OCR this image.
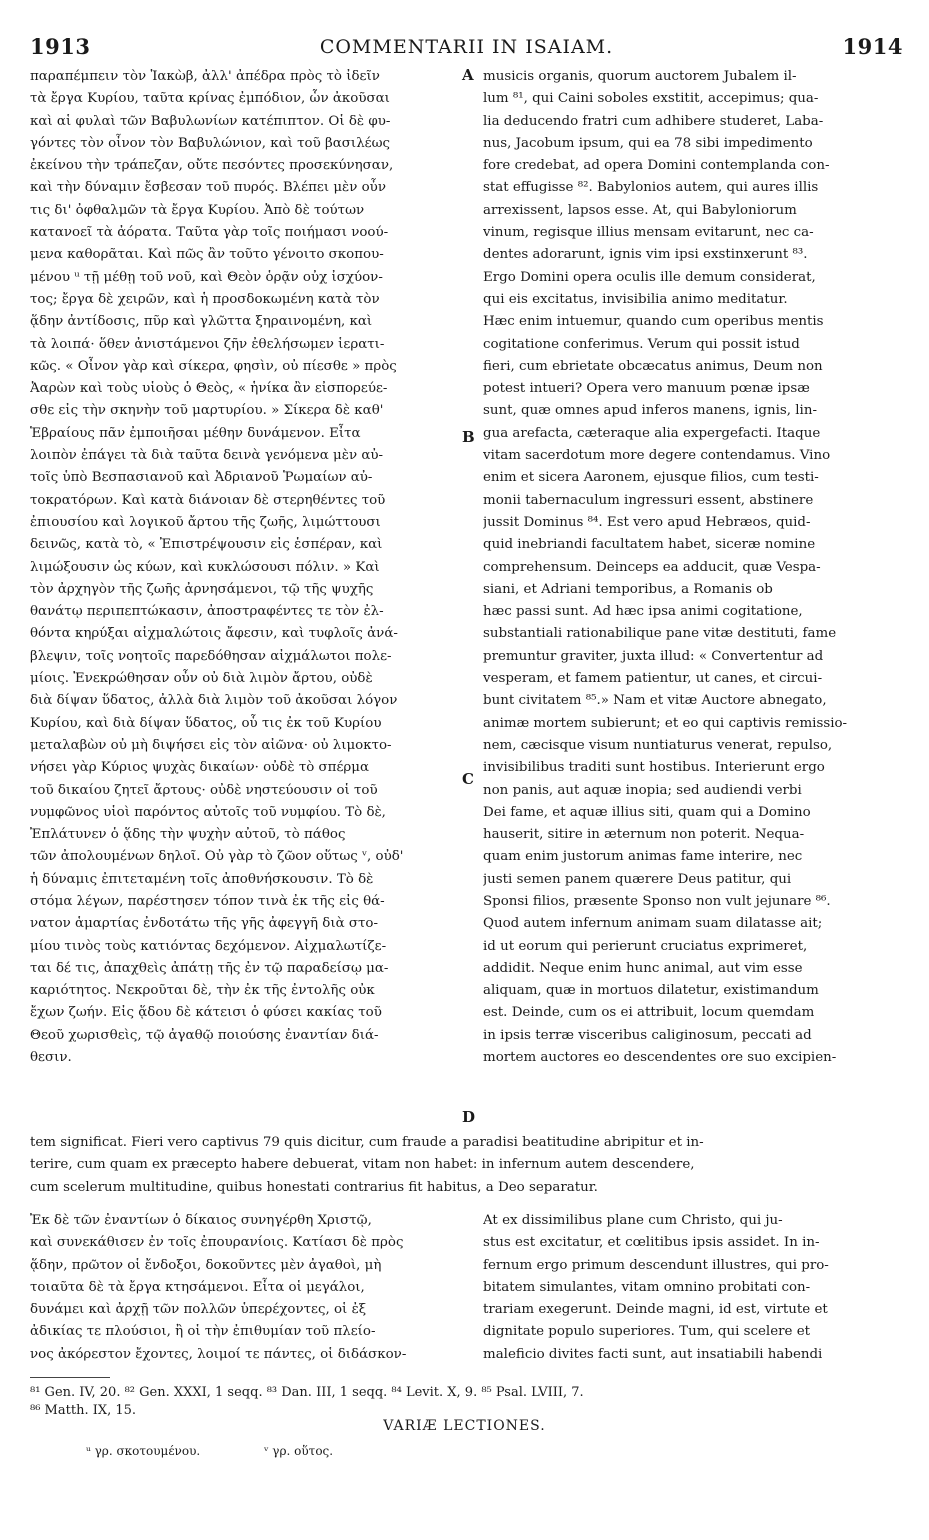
1913	COMMENTARII IN ISAIAM.	1914
παραπέμπειν τὸν Ἰακὼβ, ἀλλ' ἀπέδρα πρὸς τὸ ἰδεῖν
τὰ ἔργα Κυρίου, ταῦτα κρίνας ἐμπόδιον, ὧν ἀκοῦσαι
καὶ αἱ φυλαὶ τῶν Βαβυλωνίων κατέπιπτον. Οἱ δὲ φυ-
γόντες τὸν οἶνον τὸν Βαβυλώνιον, καὶ τοῦ βασιλέως
ἐκείνου τὴν τράπεζαν, οὔτε πεσόντες προσεκύνησαν,
καὶ τὴν δύναμιν ἔσβεσαν τοῦ πυρός. Βλέπει μὲν οὖν
τις δι' ὀφθαλμῶν τὰ ἔργα Κυρίου. Ἀπὸ δὲ τούτων
κατανοεῖ τὰ ἀόρατα. Ταῦτα γὰρ τοῖς ποιήμασι νοού-
μενα καθορᾶται. Καὶ πῶς ἂν τοῦτο γένοιτο σκοπου-
μένου ᵘ τῇ μέθῃ τοῦ νοῦ, καὶ Θεὸν ὁρᾷν οὐχ ἰσχύον-
τος; ἔργα δὲ χειρῶν, καὶ ἡ προσδοκωμένη κατὰ τὸν
ᾅδην ἀντίδοσις, πῦρ καὶ γλῶττα ξηραινομένη, καὶ
τὰ λοιπά· ὅθεν ἀνιστάμενοι ζῆν ἐθελήσωμεν ἱερατι-
κῶς. « Οἶνον γὰρ καὶ σίκερα, φησὶν, οὐ πίεσθε » πρὸς
Ἀαρὼν καὶ τοὺς υἱοὺς ὁ Θεὸς, « ἡνίκα ἂν εἰσπορεύε-
σθε εἰς τὴν σκηνὴν τοῦ μαρτυρίου. » Σίκερα δὲ καθ'
Ἑβραίους πᾶν ἐμποιῆσαι μέθην δυνάμενον. Εἶτα
λοιπὸν ἐπάγει τὰ διὰ ταῦτα δεινὰ γενόμενα μὲν αὐ-
τοῖς ὑπὸ Βεσπασιανοῦ καὶ Ἀδριανοῦ Ῥωμαίων αὐ-
τοκρατόρων. Καὶ κατὰ διάνοιαν δὲ στερηθέντες τοῦ
ἐπιουσίου καὶ λογικοῦ ἄρτου τῆς ζωῆς, λιμώττουσι
δεινῶς, κατὰ τὸ, « Ἐπιστρέψουσιν εἰς ἑσπέραν, καὶ
λιμώξουσιν ὡς κύων, καὶ κυκλώσουσι πόλιν. » Καὶ
τὸν ἀρχηγὸν τῆς ζωῆς ἀρνησάμενοι, τῷ τῆς ψυχῆς
θανάτῳ περιπεπτώκασιν, ἀποστραφέντες τε τὸν ἐλ-
θόντα κηρύξαι αἰχμαλώτοις ἄφεσιν, καὶ τυφλοῖς ἀνά-
βλεψιν, τοῖς νοητοῖς παρεδόθησαν αἰχμάλωτοι πολε-
μίοις. Ἐνεκρώθησαν οὖν οὐ διὰ λιμὸν ἄρτου, οὐδὲ
διὰ δίψαν ὕδατος, ἀλλὰ διὰ λιμὸν τοῦ ἀκοῦσαι λόγον
Κυρίου, καὶ διὰ δίψαν ὕδατος, οὗ τις ἐκ τοῦ Κυρίου
μεταλαβὼν οὐ μὴ διψήσει εἰς τὸν αἰῶνα· οὐ λιμοκτο-
νήσει γὰρ Κύριος ψυχὰς δικαίων· οὐδὲ τὸ σπέρμα
τοῦ δικαίου ζητεῖ ἄρτους· οὐδὲ νηστεύουσιν οἱ τοῦ
νυμφῶνος υἱοὶ παρόντος αὐτοῖς τοῦ νυμφίου. Τὸ δὲ,
Ἐπλάτυνεν ὁ ᾅδης τὴν ψυχὴν αὐτοῦ, τὸ πάθος
τῶν ἀπολουμένων δηλοῖ. Οὐ γὰρ τὸ ζῶον οὕτως ᵛ, οὐδ'
ἡ δύναμις ἐπιτεταμένη τοῖς ἀποθνήσκουσιν. Τὸ δὲ
στόμα λέγων, παρέστησεν τόπον τινὰ ἐκ τῆς εἰς θά-
νατον ἁμαρτίας ἐνδοτάτω τῆς γῆς ἀφεγγῆ διὰ στο-
μίου τινὸς τοὺς κατιόντας δεχόμενον. Αἰχμαλωτίζε-
ται δέ τις, ἀπαχθεὶς ἀπάτῃ τῆς ἐν τῷ παραδείσῳ μα-
καριότητος. Νεκροῦται δὲ, τὴν ἐκ τῆς ἐντολῆς οὐκ
ἔχων ζωήν. Εἰς ᾅδου δὲ κάτεισι ὁ φύσει κακίας τοῦ
Θεοῦ χωρισθεὶς, τῷ ἀγαθῷ ποιούσης ἐναντίαν διά-
θεσιν.
musicis organis, quorum auctorem Jubalem il-
lum ⁸¹, qui Caini soboles exstitit, accepimus; qua-
lia deducendo fratri cum adhibere studeret, Laba-
nus, Jacobum ipsum, qui ea 78 sibi impedimento
fore credebat, ad opera Domini contemplanda con-
stat effugisse ⁸². Babylonios autem, qui aures illis
arrexissent, lapsos esse. At, qui Babyloniorum
vinum, regisque illius mensam evitarunt, nec ca-
dentes adorarunt, ignis vim ipsi exstinxerunt ⁸³.
Ergo Domini opera oculis ille demum considerat,
qui eis excitatus, invisibilia animo meditatur.
Hæc enim intuemur, quando cum operibus mentis
cogitatione conferimus. Verum qui possit istud
fieri, cum ebrietate obcæcatus animus, Deum non
potest intueri? Opera vero manuum pœnæ ipsæ
sunt, quæ omnes apud inferos manens, ignis, lin-
gua arefacta, cæteraque alia expergefacti. Itaque
vitam sacerdotum more degere contendamus. Vino
enim et sicera Aaronem, ejusque filios, cum testi-
monii tabernaculum ingressuri essent, abstinere
jussit Dominus ⁸⁴. Est vero apud Hebræos, quid-
quid inebriandi facultatem habet, siceræ nomine
comprehensum. Deinceps ea adducit, quæ Vespa-
siani, et Adriani temporibus, a Romanis ob
hæc passi sunt. Ad hæc ipsa animi cogitatione,
substantiali rationabilique pane vitæ destituti, fame
premuntur graviter, juxta illud: « Convertentur ad
vesperam, et famem patientur, ut canes, et circui-
bunt civitatem ⁸⁵.» Nam et vitæ Auctore abnegato,
animæ mortem subierunt; et eo qui captivis remissio-
nem, cæcisque visum nuntiaturus venerat, repulso,
invisibilibus traditi sunt hostibus. Interierunt ergo
non panis, aut aquæ inopia; sed audiendi verbi
Dei fame, et aquæ illius siti, quam qui a Domino
hauserit, sitire in æternum non poterit. Nequa-
quam enim justorum animas fame interire, nec
justi semen panem quærere Deus patitur, qui
Sponsi filios, præsente Sponso non vult jejunare ⁸⁶.
Quod autem infernum animam suam dilatasse ait;
id ut eorum qui perierunt cruciatus exprimeret,
addidit. Neque enim hunc animal, aut vim esse
aliquam, quæ in mortuos dilatetur, existimandum
est. Deinde, cum os ei attribuit, locum quemdam
in ipsis terræ visceribus caliginosum, peccati ad
mortem auctores eo descendentes ore suo excipien-
A
B
C
D
tem significat. Fieri vero captivus 79 quis dicitur, cum fraude a paradisi beatitudine abripitur et in-
terire, cum quam ex præcepto habere debuerat, vitam non habet: in infernum autem descendere,
cum scelerum multitudine, quibus honestati contrarius fit habitus, a Deo separatur.
Ἐκ δὲ τῶν ἐναντίων ὁ δίκαιος συνηγέρθη Χριστῷ,
καὶ συνεκάθισεν ἐν τοῖς ἐπουρανίοις. Κατίασι δὲ πρὸς
ᾅδην, πρῶτον οἱ ἔνδοξοι, δοκοῦντες μὲν ἀγαθοὶ, μὴ
τοιαῦτα δὲ τὰ ἔργα κτησάμενοι. Εἶτα οἱ μεγάλοι,
δυνάμει καὶ ἀρχῇ τῶν πολλῶν ὑπερέχοντες, οἱ ἐξ
ἀδικίας τε πλούσιοι, ἢ οἱ τὴν ἐπιθυμίαν τοῦ πλείο-
νος ἀκόρεστον ἔχοντες, λοιμοί τε πάντες, οἱ διδάσκον-
At ex dissimilibus plane cum Christo, qui ju-
stus est excitatur, et cœlitibus ipsis assidet. In in-
fernum ergo primum descendunt illustres, qui pro-
bitatem simulantes, vitam omnino probitati con-
trariam exegerunt. Deinde magni, id est, virtute et
dignitate populo superiores. Tum, qui scelere et
maleficio divites facti sunt, aut insatiabili habendi
⁸¹ Gen. IV, 20. ⁸² Gen. XXXI, 1 seqq. ⁸³ Dan. III, 1 seqq. ⁸⁴ Levit. X, 9. ⁸⁵ Psal. LVIII, 7.
⁸⁶ Matth. IX, 15.
VARIÆ LECTIONES.
ᵘ γρ. σκοτουμένου.	ᵛ γρ. οὕτος.
